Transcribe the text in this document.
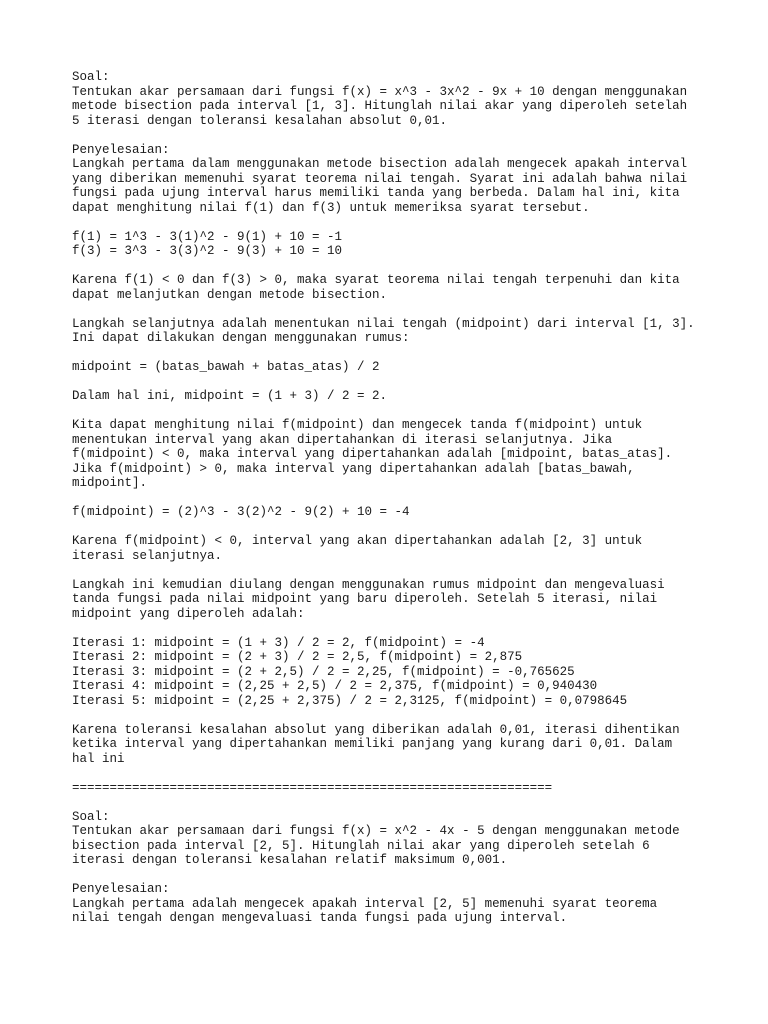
Soal:
Tentukan akar persamaan dari fungsi f(x) = x^3 - 3x^2 - 9x + 10 dengan menggunakan
metode bisection pada interval [1, 3]. Hitunglah nilai akar yang diperoleh setelah
5 iterasi dengan toleransi kesalahan absolut 0,01.
Penyelesaian:
Langkah pertama dalam menggunakan metode bisection adalah mengecek apakah interval
yang diberikan memenuhi syarat teorema nilai tengah. Syarat ini adalah bahwa nilai
fungsi pada ujung interval harus memiliki tanda yang berbeda. Dalam hal ini, kita
dapat menghitung nilai f(1) dan f(3) untuk memeriksa syarat tersebut.
f(1) = 1^3 - 3(1)^2 - 9(1) + 10 = -1
f(3) = 3^3 - 3(3)^2 - 9(3) + 10 = 10
Karena f(1) < 0 dan f(3) > 0, maka syarat teorema nilai tengah terpenuhi dan kita
dapat melanjutkan dengan metode bisection.
Langkah selanjutnya adalah menentukan nilai tengah (midpoint) dari interval [1, 3].
Ini dapat dilakukan dengan menggunakan rumus:
midpoint = (batas_bawah + batas_atas) / 2
Dalam hal ini, midpoint = (1 + 3) / 2 = 2.
Kita dapat menghitung nilai f(midpoint) dan mengecek tanda f(midpoint) untuk
menentukan interval yang akan dipertahankan di iterasi selanjutnya. Jika
f(midpoint) < 0, maka interval yang dipertahankan adalah [midpoint, batas_atas].
Jika f(midpoint) > 0, maka interval yang dipertahankan adalah [batas_bawah,
midpoint].
f(midpoint) = (2)^3 - 3(2)^2 - 9(2) + 10 = -4
Karena f(midpoint) < 0, interval yang akan dipertahankan adalah [2, 3] untuk
iterasi selanjutnya.
Langkah ini kemudian diulang dengan menggunakan rumus midpoint dan mengevaluasi
tanda fungsi pada nilai midpoint yang baru diperoleh. Setelah 5 iterasi, nilai
midpoint yang diperoleh adalah:
Iterasi 1: midpoint = (1 + 3) / 2 = 2, f(midpoint) = -4
Iterasi 2: midpoint = (2 + 3) / 2 = 2,5, f(midpoint) = 2,875
Iterasi 3: midpoint = (2 + 2,5) / 2 = 2,25, f(midpoint) = -0,765625
Iterasi 4: midpoint = (2,25 + 2,5) / 2 = 2,375, f(midpoint) = 0,940430
Iterasi 5: midpoint = (2,25 + 2,375) / 2 = 2,3125, f(midpoint) = 0,0798645
Karena toleransi kesalahan absolut yang diberikan adalah 0,01, iterasi dihentikan
ketika interval yang dipertahankan memiliki panjang yang kurang dari 0,01. Dalam
hal ini
================================================================
Soal:
Tentukan akar persamaan dari fungsi f(x) = x^2 - 4x - 5 dengan menggunakan metode
bisection pada interval [2, 5]. Hitunglah nilai akar yang diperoleh setelah 6
iterasi dengan toleransi kesalahan relatif maksimum 0,001.
Penyelesaian:
Langkah pertama adalah mengecek apakah interval [2, 5] memenuhi syarat teorema
nilai tengah dengan mengevaluasi tanda fungsi pada ujung interval.
